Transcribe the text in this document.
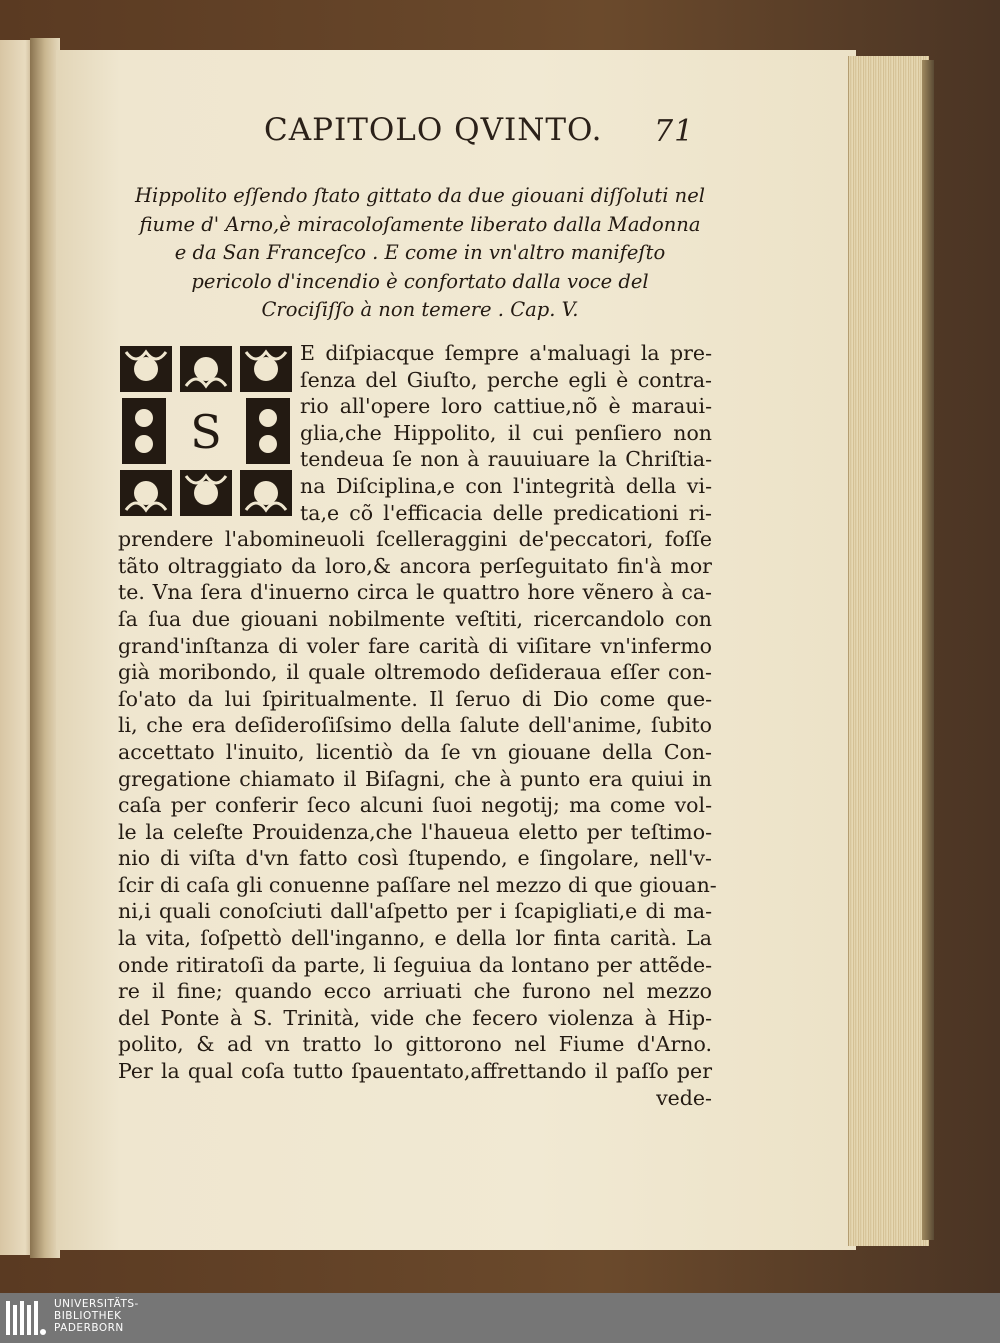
CAPITOLO QVINTO. 71
Hippolito eſſendo ſtato gittato da due giouani diſſoluti nel
fiume d' Arno,è miracoloſamente liberato dalla Madonna
e da San Franceſco . E come in vn'altro manifeſto
pericolo d'incendio è confortato dalla voce del
Crociſiſſo à non temere . Cap. V.
S
E diſpiacque ſempre a'maluagi la pre-
ſenza del Giuſto, perche egli è contra-
rio all'opere loro cattiue,nõ è maraui-
glia,che Hippolito, il cui penſiero non
tendeua ſe non à rauuiuare la Chriſtia-
na Diſciplina,e con l'integrità della vi-
ta,e cõ l'efficacia delle predicationi ri-
prendere l'abomineuoli ſcelleraggini de'peccatori, foſſe
tãto oltraggiato da loro,& ancora perſeguitato fin'à mor
te. Vna ſera d'inuerno circa le quattro hore vẽnero à ca-
ſa ſua due giouani nobilmente veſtiti, ricercandolo con
grand'inſtanza di voler fare carità di viſitare vn'infermo
già moribondo, il quale oltremodo deſideraua eſſer con-
ſo'ato da lui ſpiritualmente. Il ſeruo di Dio come que-
li, che era deſideroſiſsimo della ſalute dell'anime, ſubito
accettato l'inuito, licentiò da ſe vn giouane della Con-
gregatione chiamato il Biſagni, che à punto era quiui in
caſa per conferir ſeco alcuni ſuoi negotij; ma come vol-
le la celeſte Prouidenza,che l'haueua eletto per teſtimo-
nio di viſta d'vn fatto così ſtupendo, e ſingolare, nell'v-
ſcir di caſa gli conuenne paſſare nel mezzo di que giouan-
ni,i quali conoſciuti dall'aſpetto per i ſcapigliati,e di ma-
la vita, ſoſpettò dell'inganno, e della lor finta carità. La
onde ritiratoſi da parte, li ſeguiua da lontano per attẽde-
re il fine; quando ecco arriuati che furono nel mezzo
del Ponte à S. Trinità, vide che fecero violenza à Hip-
polito, & ad vn tratto lo gittorono nel Fiume d'Arno.
Per la qual coſa tutto ſpauentato,affrettando il paſſo per
vede-
UNIVERSITÄTS-
BIBLIOTHEK
PADERBORN
